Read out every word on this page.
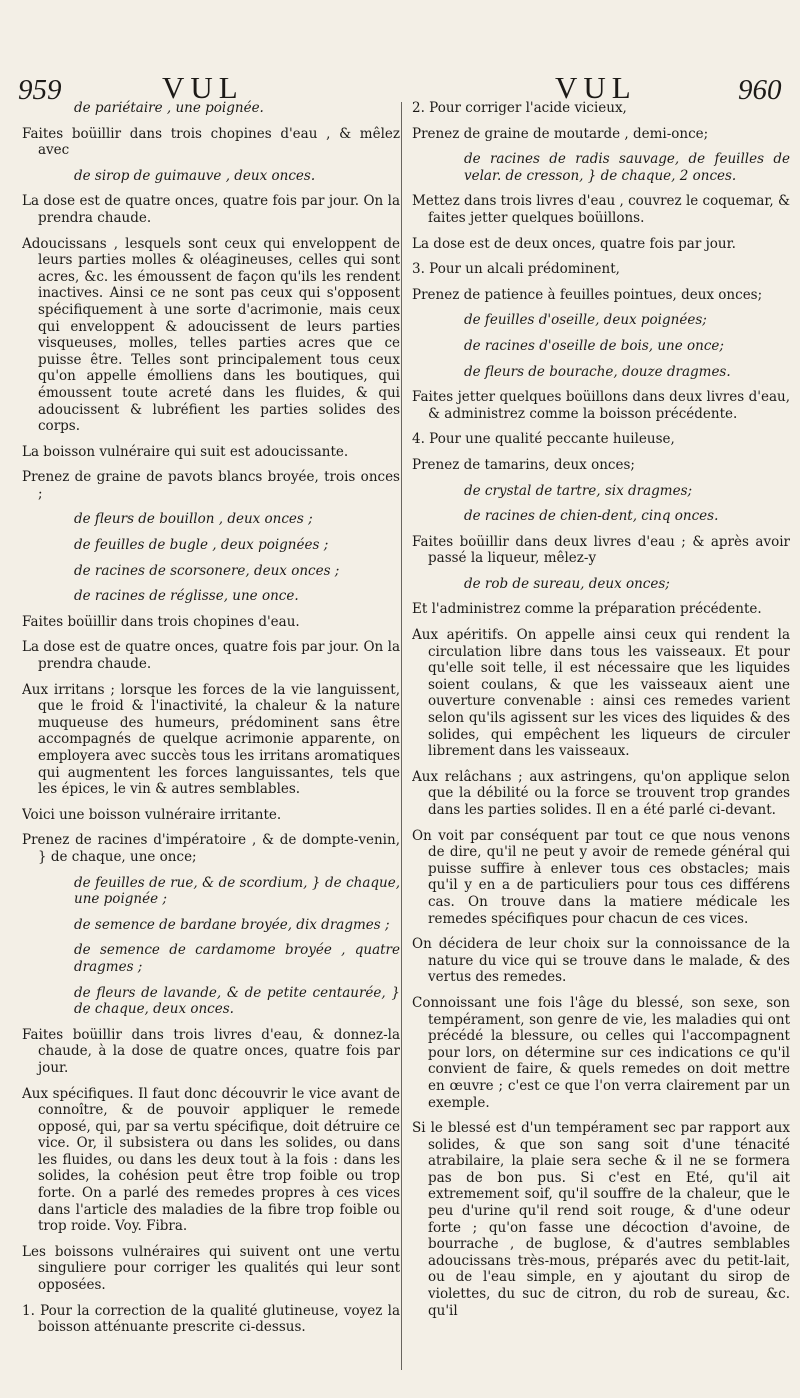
959	VUL	VUL	960

de pariétaire , une poignée.

Faites boüillir dans trois chopines d'eau , & mêlez avec

de sirop de guimauve , deux onces.

La dose est de quatre onces, quatre fois par jour. On la prendra chaude.

Adoucissans , lesquels sont ceux qui enveloppent de leurs parties molles & oléagineuses, celles qui sont acres, &c. les émoussent de façon qu'ils les rendent inactives. Ainsi ce ne sont pas ceux qui s'opposent spécifiquement à une sorte d'acrimonie, mais ceux qui enveloppent & adoucissent de leurs parties visqueuses, molles, telles parties acres que ce puisse être. Telles sont principalement tous ceux qu'on appelle émolliens dans les boutiques, qui émoussent toute acreté dans les fluides, & qui adoucissent & lubréfient les parties solides des corps.

La boisson vulnéraire qui suit est adoucissante.

Prenez de graine de pavots blancs broyée, trois onces ;

de fleurs de bouillon , deux onces ;

de feuilles de bugle , deux poignées ;

de racines de scorsonere, deux onces ;

de racines de réglisse, une once.

Faites boüillir dans trois chopines d'eau.

La dose est de quatre onces, quatre fois par jour. On la prendra chaude.

Aux irritans ; lorsque les forces de la vie languissent, que le froid & l'inactivité, la chaleur & la nature muqueuse des humeurs, prédominent sans être accompagnés de quelque acrimonie apparente, on employera avec succès tous les irritans aromatiques qui augmentent les forces languissantes, tels que les épices, le vin & autres semblables.

Voici une boisson vulnéraire irritante.

Prenez de racines d'impératoire , & de dompte-venin, } de chaque, une once;

de feuilles de rue, & de scordium, } de chaque, une poignée ;

de semence de bardane broyée, dix dragmes ;

de semence de cardamome broyée , quatre dragmes ;

de fleurs de lavande, & de petite centaurée, } de chaque, deux onces.

Faites boüillir dans trois livres d'eau, & donnez-la chaude, à la dose de quatre onces, quatre fois par jour.

Aux spécifiques. Il faut donc découvrir le vice avant de connoître, & de pouvoir appliquer le remede opposé, qui, par sa vertu spécifique, doit détruire ce vice. Or, il subsistera ou dans les solides, ou dans les fluides, ou dans les deux tout à la fois : dans les solides, la cohésion peut être trop foible ou trop forte. On a parlé des remedes propres à ces vices dans l'article des maladies de la fibre trop foible ou trop roide. Voy. Fibra.

Les boissons vulnéraires qui suivent ont une vertu singuliere pour corriger les qualités qui leur sont opposées.

1. Pour la correction de la qualité glutineuse, voyez la boisson atténuante prescrite ci-dessus.

2. Pour corriger l'acide vicieux,

Prenez de graine de moutarde , demi-once;

de racines de radis sauvage, de feuilles de velar. de cresson, } de chaque, 2 onces.

Mettez dans trois livres d'eau , couvrez le coquemar, & faites jetter quelques boüillons.

La dose est de deux onces, quatre fois par jour.

3. Pour un alcali prédominent,

Prenez de patience à feuilles pointues, deux onces;

de feuilles d'oseille, deux poignées;

de racines d'oseille de bois, une once;

de fleurs de bourache, douze dragmes.

Faites jetter quelques boüillons dans deux livres d'eau, & administrez comme la boisson précédente.

4. Pour une qualité peccante huileuse,

Prenez de tamarins, deux onces;

de crystal de tartre, six dragmes;

de racines de chien-dent, cinq onces.

Faites boüillir dans deux livres d'eau ; & après avoir passé la liqueur, mêlez-y

de rob de sureau, deux onces;

Et l'administrez comme la préparation précédente.

Aux apéritifs. On appelle ainsi ceux qui rendent la circulation libre dans tous les vaisseaux. Et pour qu'elle soit telle, il est nécessaire que les liquides soient coulans, & que les vaisseaux aient une ouverture convenable : ainsi ces remedes varient selon qu'ils agissent sur les vices des liquides & des solides, qui empêchent les liqueurs de circuler librement dans les vaisseaux.

Aux relâchans ; aux astringens, qu'on applique selon que la débilité ou la force se trouvent trop grandes dans les parties solides. Il en a été parlé ci-devant.

On voit par conséquent par tout ce que nous venons de dire, qu'il ne peut y avoir de remede général qui puisse suffire à enlever tous ces obstacles; mais qu'il y en a de particuliers pour tous ces différens cas. On trouve dans la matiere médicale les remedes spécifiques pour chacun de ces vices.

On décidera de leur choix sur la connoissance de la nature du vice qui se trouve dans le malade, & des vertus des remedes.

Connoissant une fois l'âge du blessé, son sexe, son tempérament, son genre de vie, les maladies qui ont précédé la blessure, ou celles qui l'accompagnent pour lors, on détermine sur ces indications ce qu'il convient de faire, & quels remedes on doit mettre en œuvre ; c'est ce que l'on verra clairement par un exemple.

Si le blessé est d'un tempérament sec par rapport aux solides, & que son sang soit d'une ténacité atrabilaire, la plaie sera seche & il ne se formera pas de bon pus. Si c'est en Eté, qu'il ait extremement soif, qu'il souffre de la chaleur, que le peu d'urine qu'il rend soit rouge, & d'une odeur forte ; qu'on fasse une décoction d'avoine, de bourrache , de buglose, & d'autres semblables adoucissans très-mous, préparés avec du petit-lait, ou de l'eau simple, en y ajoutant du sirop de violettes, du suc de citron, du rob de sureau, &c. qu'il
